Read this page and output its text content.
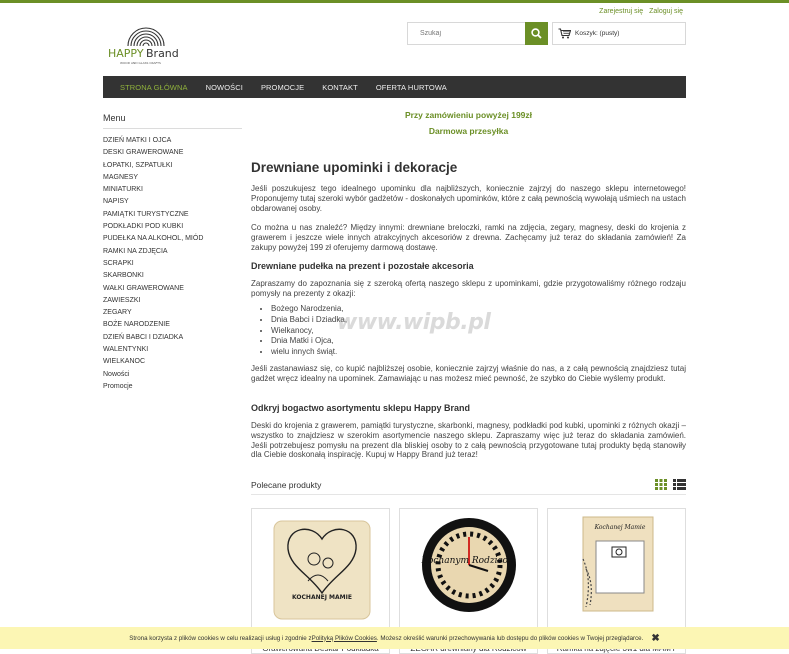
Zarejestruj się Zaloguj się
HAPPY Brand
WOOD AND GLASS CRAFTS
Szukaj
Koszyk: (pusty)
STRONA GŁÓWNA NOWOŚCI PROMOCJE KONTAKT OFERTA HURTOWA
Menu
DZIEŃ MATKI I OJCA
DESKI GRAWEROWANE
ŁOPATKI, SZPATUŁKI
MAGNESY
MINIATURKI
NAPISY
PAMIĄTKI TURYSTYCZNE
PODKŁADKI POD KUBKI
PUDEŁKA NA ALKOHOL, MIÓD
RAMKI NA ZDJĘCIA
SCRAPKI
SKARBONKI
WAŁKI GRAWEROWANE
ZAWIESZKI
ZEGARY
BOŻE NARODZENIE
DZIEŃ BABCI I DZIADKA
WALENTYNKI
WIELKANOC
Nowości
Promocje
Przy zamówieniu powyżej 199zł
Darmowa przesyłka
Drewniane upominki i dekoracje

Jeśli poszukujesz tego idealnego upominku dla najbliższych, koniecznie zajrzyj do naszego sklepu internetowego! Proponujemy tutaj szeroki wybór gadżetów - doskonałych upominków, które z całą pewnością wywołają uśmiech na ustach obdarowanej osoby.

Co można u nas znaleźć? Między innymi: drewniane breloczki, ramki na zdjęcia, zegary, magnesy, deski do krojenia z grawerem i jeszcze wiele innych atrakcyjnych akcesoriów z drewna. Zachęcamy już teraz do składania zamówień! Za zakupy powyżej 199 zł oferujemy darmową dostawę.

Drewniane pudełka na prezent i pozostałe akcesoria

Zapraszamy do zapoznania się z szeroką ofertą naszego sklepu z upominkami, gdzie przygotowaliśmy różnego rodzaju pomysły na prezenty z okazji:

• Bożego Narodzenia,
• Dnia Babci i Dziadka,
• Wielkanocy,
• Dnia Matki i Ojca,
• wielu innych świąt.
www.wipb.pl

Jeśli zastanawiasz się, co kupić najbliższej osobie, koniecznie zajrzyj właśnie do nas, a z całą pewnością znajdziesz tutaj gadżet wręcz idealny na upominek. Zamawiając u nas możesz mieć pewność, że szybko do Ciebie wyślemy produkt.

Odkryj bogactwo asortymentu sklepu Happy Brand

Deski do krojenia z grawerem, pamiątki turystyczne, skarbonki, magnesy, podkładki pod kubki, upominki z różnych okazji – wszystko to znajdziesz w szerokim asortymencie naszego sklepu. Zapraszamy więc już teraz do składania zamówień. Jeśli potrzebujesz pomysłu na prezent dla bliskiej osoby to z całą pewnością przygotowane tutaj produkty będą stanowiły dla Ciebie doskonałą inspirację. Kupuj w Happy Brand już teraz!

Polecane produkty
KOCHANEJ MAMIE
Kochanym Rodzicom
Kochanej Mamie
Strona korzysta z plików cookies w celu realizacji usług i zgodnie z Polityką Plików Cookies . Możesz określić warunki przechowywania lub dostępu do plików cookies w Twojej przeglądarce. ✖
